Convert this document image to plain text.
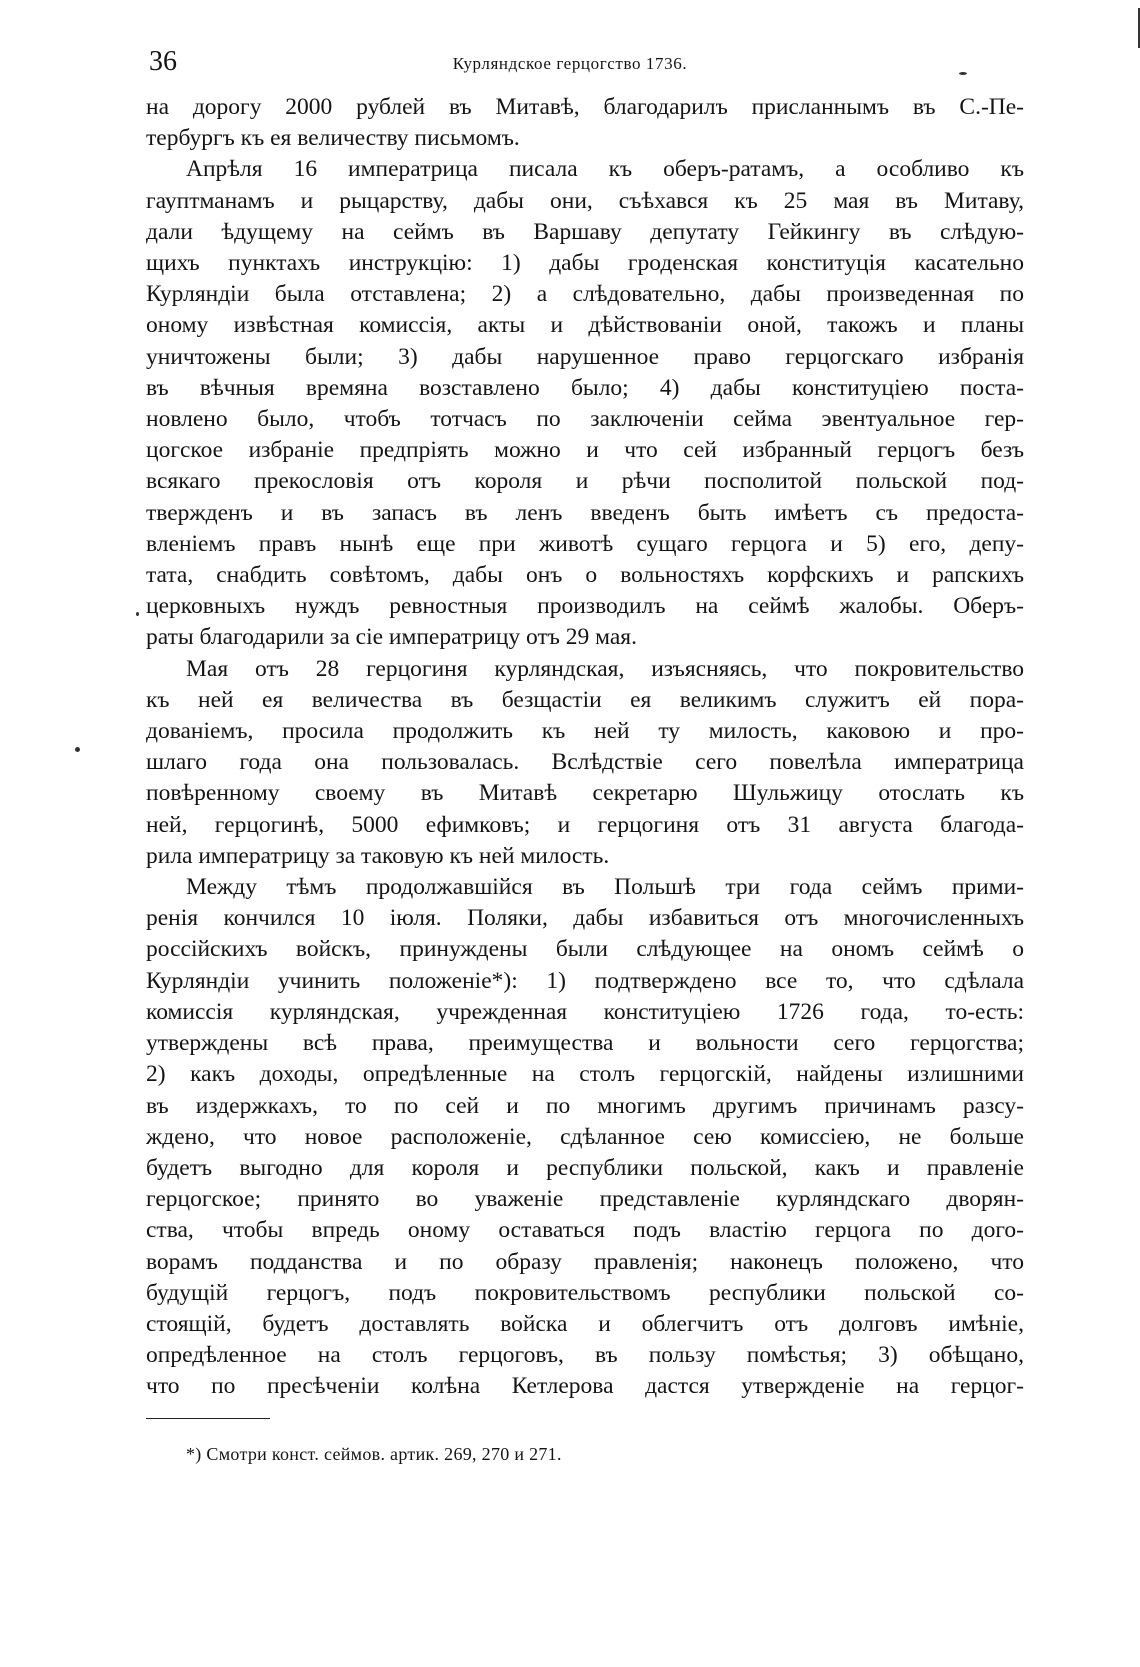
36	Курляндское герцогство 1736.
на дорогу 2000 рублей въ Митавѣ, благодарилъ присланнымъ въ С.-Пе-
тербургъ къ ея величеству письмомъ.
Апрѣля 16 императрица писала къ оберъ-ратамъ, а особливо къ
гауптманамъ и рыцарству, дабы они, съѣхався къ 25 мая въ Митаву,
дали ѣдущему на сеймъ въ Варшаву депутату Гейкингу въ слѣдую-
щихъ пунктахъ инструкцію: 1) дабы гроденская конституція касательно
Курляндіи была отставлена; 2) а слѣдовательно, дабы произведенная по
оному извѣстная комиссія, акты и дѣйствованіи оной, такожъ и планы
уничтожены были; 3) дабы нарушенное право герцогскаго избранія
въ вѣчныя времяна возставлено было; 4) дабы конституціею поста-
новлено было, чтобъ тотчасъ по заключеніи сейма эвентуальное гер-
цогское избраніе предпріять можно и что сей избранный герцогъ безъ
всякаго прекословія отъ короля и рѣчи посполитой польской под-
твержденъ и въ запасъ въ ленъ введенъ быть имѣетъ съ предоста-
вленіемъ правъ нынѣ еще при животѣ сущаго герцога и 5) его, депу-
тата, снабдить совѣтомъ, дабы онъ о вольностяхъ корфскихъ и рапскихъ
церковныхъ нуждъ ревностныя производилъ на сеймѣ жалобы. Оберъ-
раты благодарили за сіе императрицу отъ 29 мая.
Мая отъ 28 герцогиня курляндская, изъясняясь, что покровительство
къ ней ея величества въ безщастіи ея великимъ служитъ ей пора-
дованіемъ, просила продолжить къ ней ту милость, каковою и про-
шлаго года она пользовалась. Вслѣдствіе сего повелѣла императрица
повѣренному своему въ Митавѣ секретарю Шульжицу отослать къ
ней, герцогинѣ, 5000 ефимковъ; и герцогиня отъ 31 августа благода-
рила императрицу за таковую къ ней милость.
Между тѣмъ продолжавшійся въ Польшѣ три года сеймъ прими-
ренія кончился 10 іюля. Поляки, дабы избавиться отъ многочисленныхъ
россійскихъ войскъ, принуждены были слѣдующее на ономъ сеймѣ о
Курляндіи учинить положеніе*): 1) подтверждено все то, что сдѣлала
комиссія курляндская, учрежденная конституціею 1726 года, то-есть:
утверждены всѣ права, преимущества и вольности сего герцогства;
2) какъ доходы, опредѣленные на столъ герцогскій, найдены излишними
въ издержкахъ, то по сей и по многимъ другимъ причинамъ разсу-
ждено, что новое расположеніе, сдѣланное сею комиссіею, не больше
будетъ выгодно для короля и республики польской, какъ и правленіе
герцогское; принято во уваженіе представленіе курляндскаго дворян-
ства, чтобы впредь оному оставаться подъ властію герцога по дого-
ворамъ подданства и по образу правленія; наконецъ положено, что
будущій герцогъ, подъ покровительствомъ республики польской со-
стоящій, будетъ доставлять войска и облегчитъ отъ долговъ имѣніе,
опредѣленное на столъ герцоговъ, въ пользу помѣстья; 3) обѣщано,
что по пресѣченіи колѣна Кетлерова дастся утвержденіе на герцог-
*) Смотри конст. сеймов. артик. 269, 270 и 271.
